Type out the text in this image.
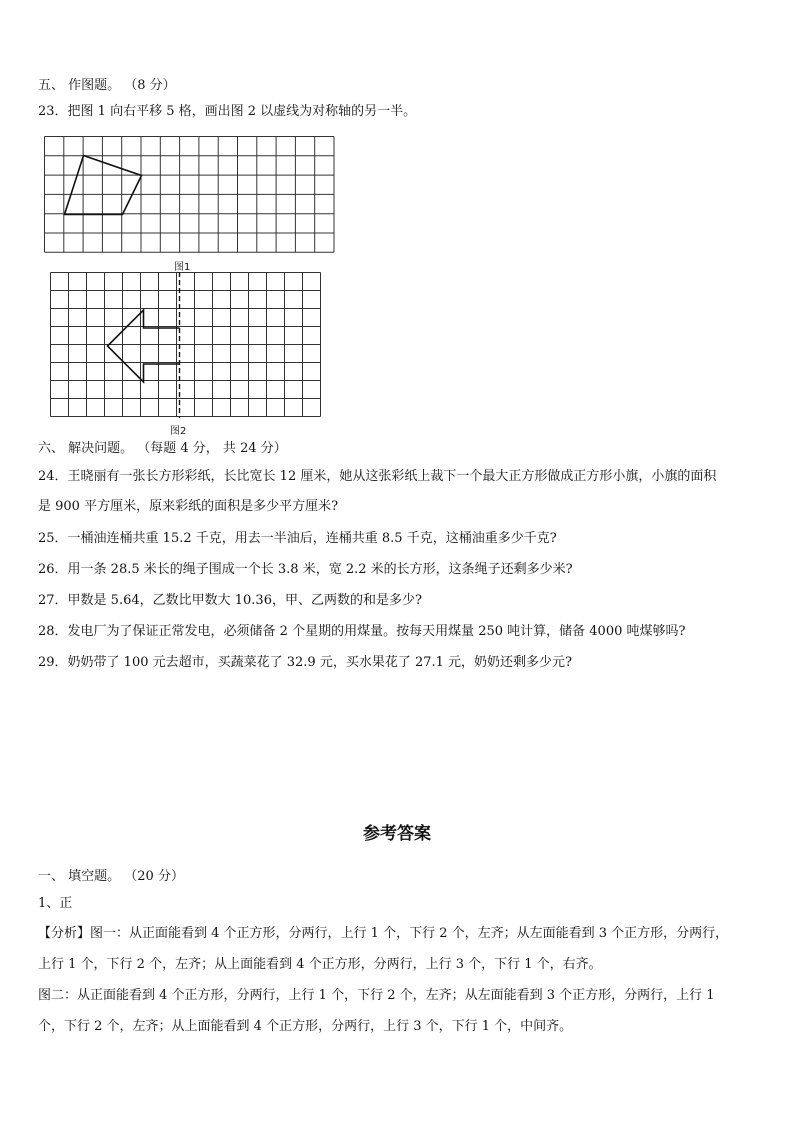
五、 作图题。 （8 分）
23．把图 1 向右平移 5 格，画出图 2 以虚线为对称轴的另一半。
图1
图2
六、 解决问题。 （每题 4 分， 共 24 分）
24．王晓丽有一张长方形彩纸，长比宽长 12 厘米，她从这张彩纸上裁下一个最大正方形做成正方形小旗，小旗的面积
是 900 平方厘米，原来彩纸的面积是多少平方厘米?
25．一桶油连桶共重 15.2 千克，用去一半油后，连桶共重 8.5 千克，这桶油重多少千克?
26．用一条 28.5 米长的绳子围成一个长 3.8 米，宽 2.2 米的长方形，这条绳子还剩多少米?
27．甲数是 5.64，乙数比甲数大 10.36，甲、乙两数的和是多少?
28．发电厂为了保证正常发电，必须储备 2 个星期的用煤量。按每天用煤量 250 吨计算，储备 4000 吨煤够吗?
29．奶奶带了 100 元去超市，买蔬菜花了 32.9 元，买水果花了 27.1 元，奶奶还剩多少元?
参考答案
一、 填空题。 （20 分）
1、正
【分析】图一：从正面能看到 4 个正方形，分两行，上行 1 个，下行 2 个，左齐；从左面能看到 3 个正方形，分两行，
上行 1 个，下行 2 个，左齐；从上面能看到 4 个正方形，分两行，上行 3 个，下行 1 个，右齐。
图二：从正面能看到 4 个正方形，分两行，上行 1 个，下行 2 个，左齐；从左面能看到 3 个正方形，分两行，上行 1
个，下行 2 个，左齐；从上面能看到 4 个正方形，分两行，上行 3 个，下行 1 个，中间齐。
